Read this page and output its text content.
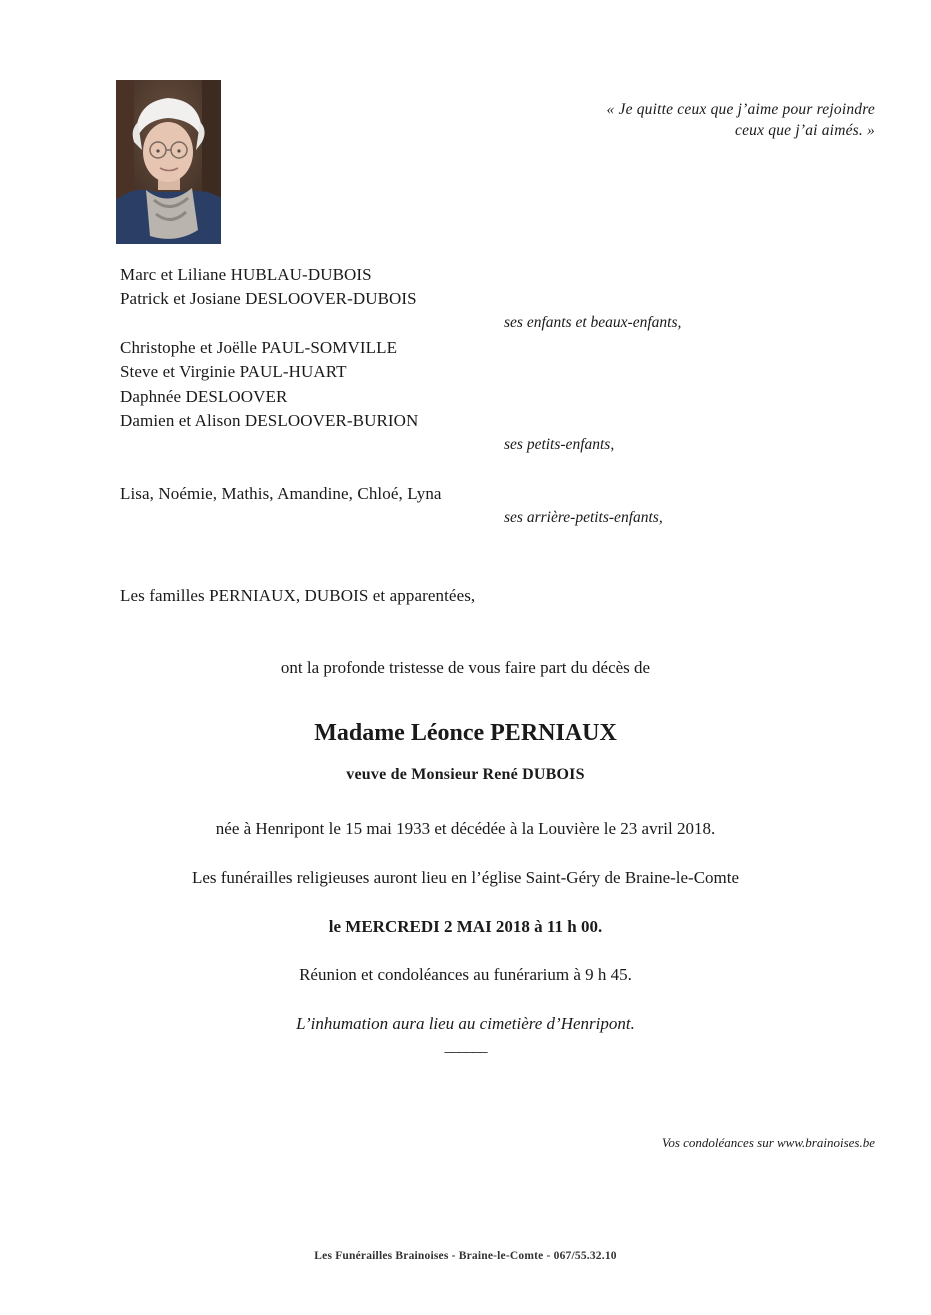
« Je quitte ceux que j’aime pour rejoindre
ceux que j’ai aimés. »
Marc et Liliane HUBLAU-DUBOIS
Patrick et Josiane DESLOOVER-DUBOIS
ses enfants et beaux-enfants,
Christophe et Joëlle PAUL-SOMVILLE
Steve et Virginie PAUL-HUART
Daphnée DESLOOVER
Damien et Alison DESLOOVER-BURION
ses petits-enfants,
Lisa, Noémie, Mathis, Amandine, Chloé, Lyna
ses arrière-petits-enfants,
Les familles PERNIAUX, DUBOIS et apparentées,
ont la profonde tristesse de vous faire part du décès de
Madame Léonce PERNIAUX
veuve de Monsieur René DUBOIS
née à Henripont le 15 mai 1933 et décédée à la Louvière le 23 avril 2018.
Les funérailles religieuses auront lieu en l’église Saint-Géry de Braine-le-Comte
le MERCREDI 2 MAI 2018 à 11 h 00.
Réunion et condoléances au funérarium à 9 h 45.
L’inhumation aura lieu au cimetière d’Henripont.
______
Vos condoléances sur www.brainoises.be
Les Funérailles Brainoises - Braine-le-Comte - 067/55.32.10
